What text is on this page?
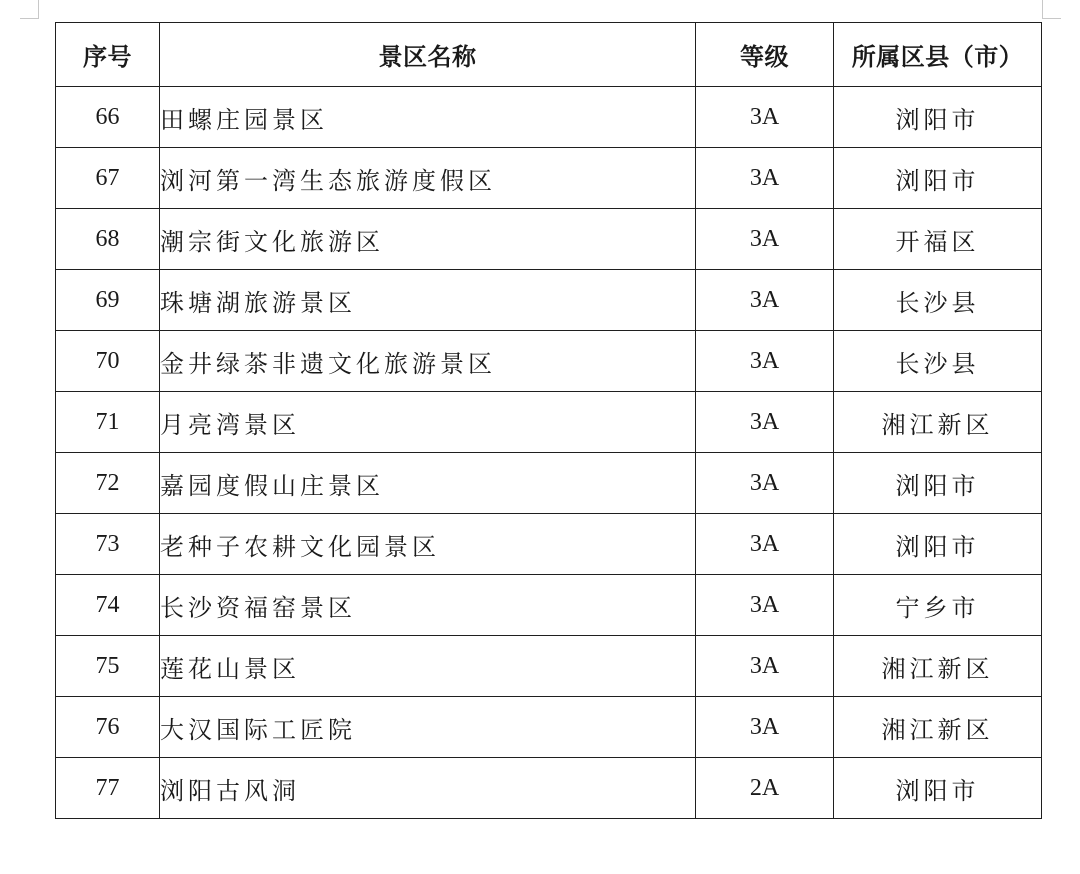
序号	景区名称	等级	所属区县（市）
66	田螺庄园景区	3A	浏阳市
67	浏河第一湾生态旅游度假区	3A	浏阳市
68	潮宗街文化旅游区	3A	开福区
69	珠塘湖旅游景区	3A	长沙县
70	金井绿茶非遗文化旅游景区	3A	长沙县
71	月亮湾景区	3A	湘江新区
72	嘉园度假山庄景区	3A	浏阳市
73	老种子农耕文化园景区	3A	浏阳市
74	长沙资福窑景区	3A	宁乡市
75	莲花山景区	3A	湘江新区
76	大汉国际工匠院	3A	湘江新区
77	浏阳古风洞	2A	浏阳市
